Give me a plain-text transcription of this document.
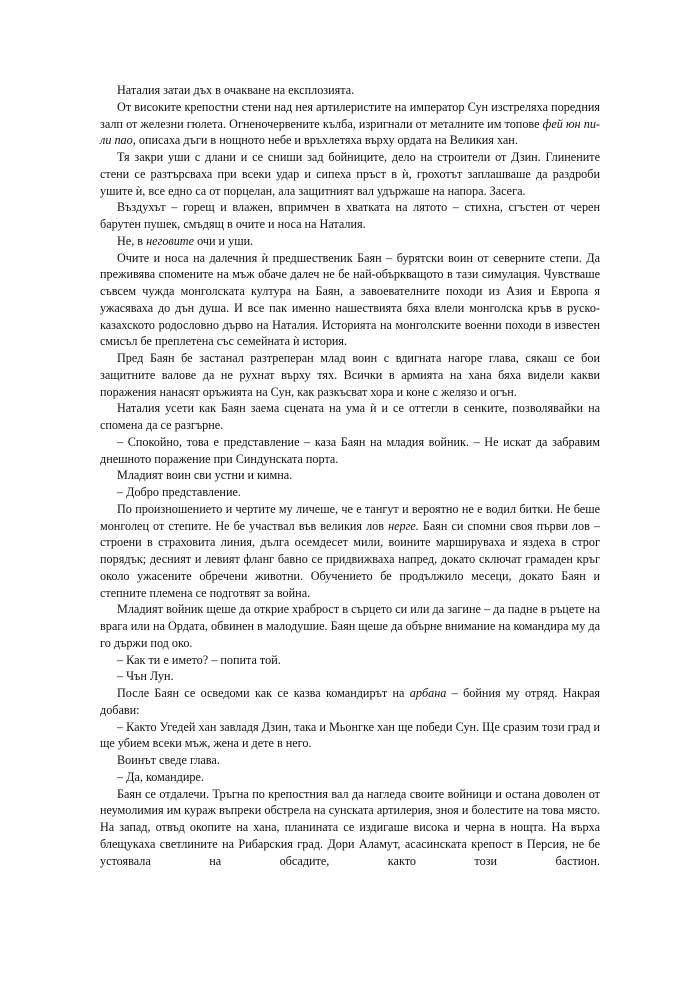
Наталия затаи дъх в очакване на експлозията.

От високите крепостни стени над нея артилеристите на император Сун изстреляха поредния залп от железни гюлета. Огненочервените кълба, изригнали от металните им топове фей юн пи-ли пао, описаха дъги в нощното небе и връхлетяха върху ордата на Великия хан.

Тя закри уши с длани и се сниши зад бойниците, дело на строители от Дзин. Глинените стени се разтърсваха при всеки удар и сипеха пръст в ѝ, грохотът заплашваше да раздроби ушите ѝ, все едно са от порцелан, ала защитният вал удържаше на напора. Засега.

Въздухът – горещ и влажен, впримчен в хватката на лятото – стихна, сгъстен от черен барутен пушек, смъдящ в очите и носа на Наталия.

Не, в неговите очи и уши.

Очите и носа на далечния ѝ предшественик Баян – бурятски воин от северните степи. Да преживява спомените на мъж обаче далеч не бе най-объркващото в тази симулация. Чувстваше съвсем чужда монголската култура на Баян, а завоевателните походи из Азия и Европа я ужасяваха до дън душа. И все пак именно нашествията бяха влели монголска кръв в руско-казахското родословно дърво на Наталия. Историята на монголските военни походи в известен смисъл бе преплетена със семейната ѝ история.

Пред Баян бе застанал разтреперан млад воин с вдигната нагоре глава, сякаш се бои защитните валове да не рухнат върху тях. Всички в армията на хана бяха видели какви поражения нанасят оръжията на Сун, как разкъсват хора и коне с желязо и огън.

Наталия усети как Баян заема сцената на ума ѝ и се оттегли в сенките, позволявайки на спомена да се разгърне.

– Спокойно, това е представление – каза Баян на младия войник. – Не искат да забравим днешното поражение при Синдунската порта.

Младият воин сви устни и кимна.

– Добро представление.

По произношението и чертите му личеше, че е тангут и вероятно не е водил битки. Не беше монголец от степите. Не бе участвал във великия лов нерге. Баян си спомни своя първи лов – строени в страховита линия, дълга осемдесет мили, воините маршируваха и яздеха в строг порядък; десният и левият фланг бавно се придвижваха напред, докато сключат грамаден кръг около ужасените обречени животни. Обучението бе продължило месеци, докато Баян и степните племена се подготвят за война.

Младият войник щеше да открие храброст в сърцето си или да загине – да падне в ръцете на врага или на Ордата, обвинен в малодушие. Баян щеше да обърне внимание на командира му да го държи под око.

– Как ти е името? – попита той.

– Чън Лун.

После Баян се осведоми как се казва командирът на арбана – бойния му отряд. Накрая добави:

– Както Угедей хан завладя Дзин, така и Мьонгке хан ще победи Сун. Ще сразим този град и ще убием всеки мъж, жена и дете в него.

Воинът сведе глава.

– Да, командире.

Баян се отдалечи. Тръгна по крепостния вал да нагледа своите войници и остана доволен от неумолимия им кураж въпреки обстрела на сунската артилерия, зноя и болестите на това място. На запад, отвъд окопите на хана, планината се издигаше висока и черна в нощта. На върха блещукаха светлините на Рибарския град. Дори Аламут, асасинската крепост в Персия, не бе устоявала на обсадите, както този бастион.
